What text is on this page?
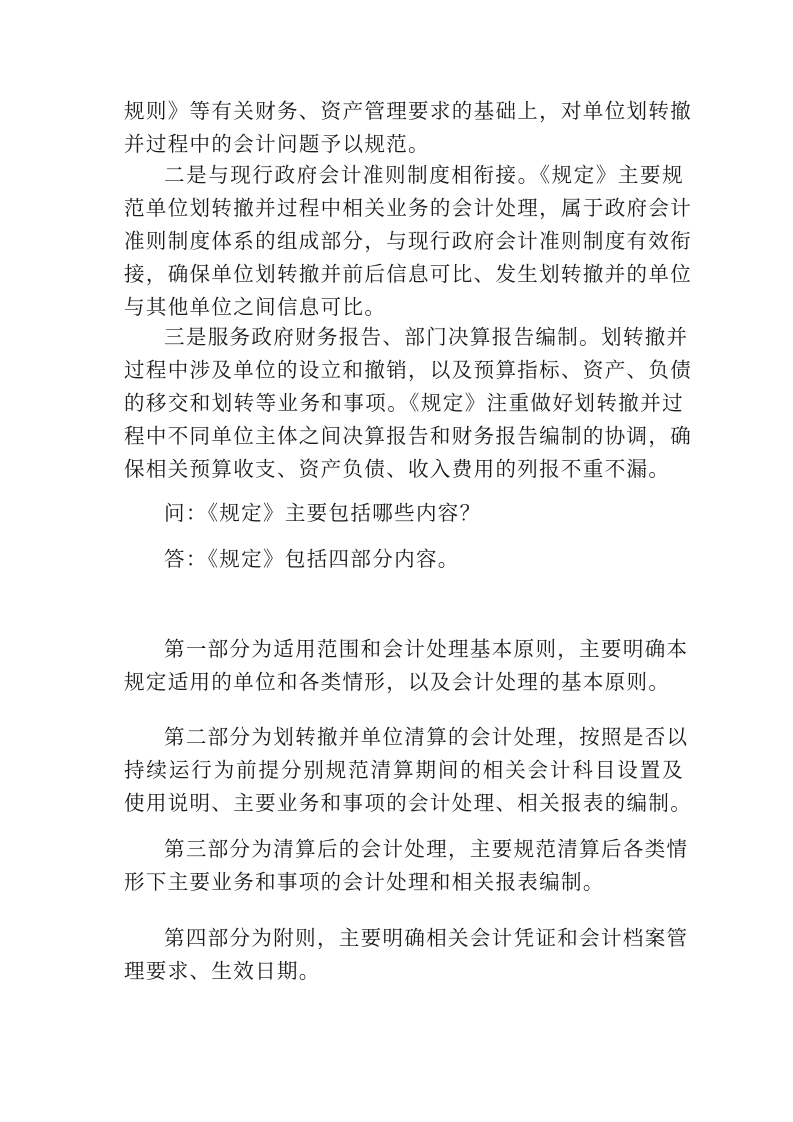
规则》等有关财务、资产管理要求的基础上，对单位划转撤
并过程中的会计问题予以规范。
二是与现行政府会计准则制度相衔接。《规定》主要规
范单位划转撤并过程中相关业务的会计处理，属于政府会计
准则制度体系的组成部分，与现行政府会计准则制度有效衔
接，确保单位划转撤并前后信息可比、发生划转撤并的单位
与其他单位之间信息可比。
三是服务政府财务报告、部门决算报告编制。划转撤并
过程中涉及单位的设立和撤销，以及预算指标、资产、负债
的移交和划转等业务和事项。《规定》注重做好划转撤并过
程中不同单位主体之间决算报告和财务报告编制的协调，确
保相关预算收支、资产负债、收入费用的列报不重不漏。
问：《规定》主要包括哪些内容？
答：《规定》包括四部分内容。
第一部分为适用范围和会计处理基本原则，主要明确本
规定适用的单位和各类情形，以及会计处理的基本原则。
第二部分为划转撤并单位清算的会计处理，按照是否以
持续运行为前提分别规范清算期间的相关会计科目设置及
使用说明、主要业务和事项的会计处理、相关报表的编制。
第三部分为清算后的会计处理，主要规范清算后各类情
形下主要业务和事项的会计处理和相关报表编制。
第四部分为附则，主要明确相关会计凭证和会计档案管
理要求、生效日期。
